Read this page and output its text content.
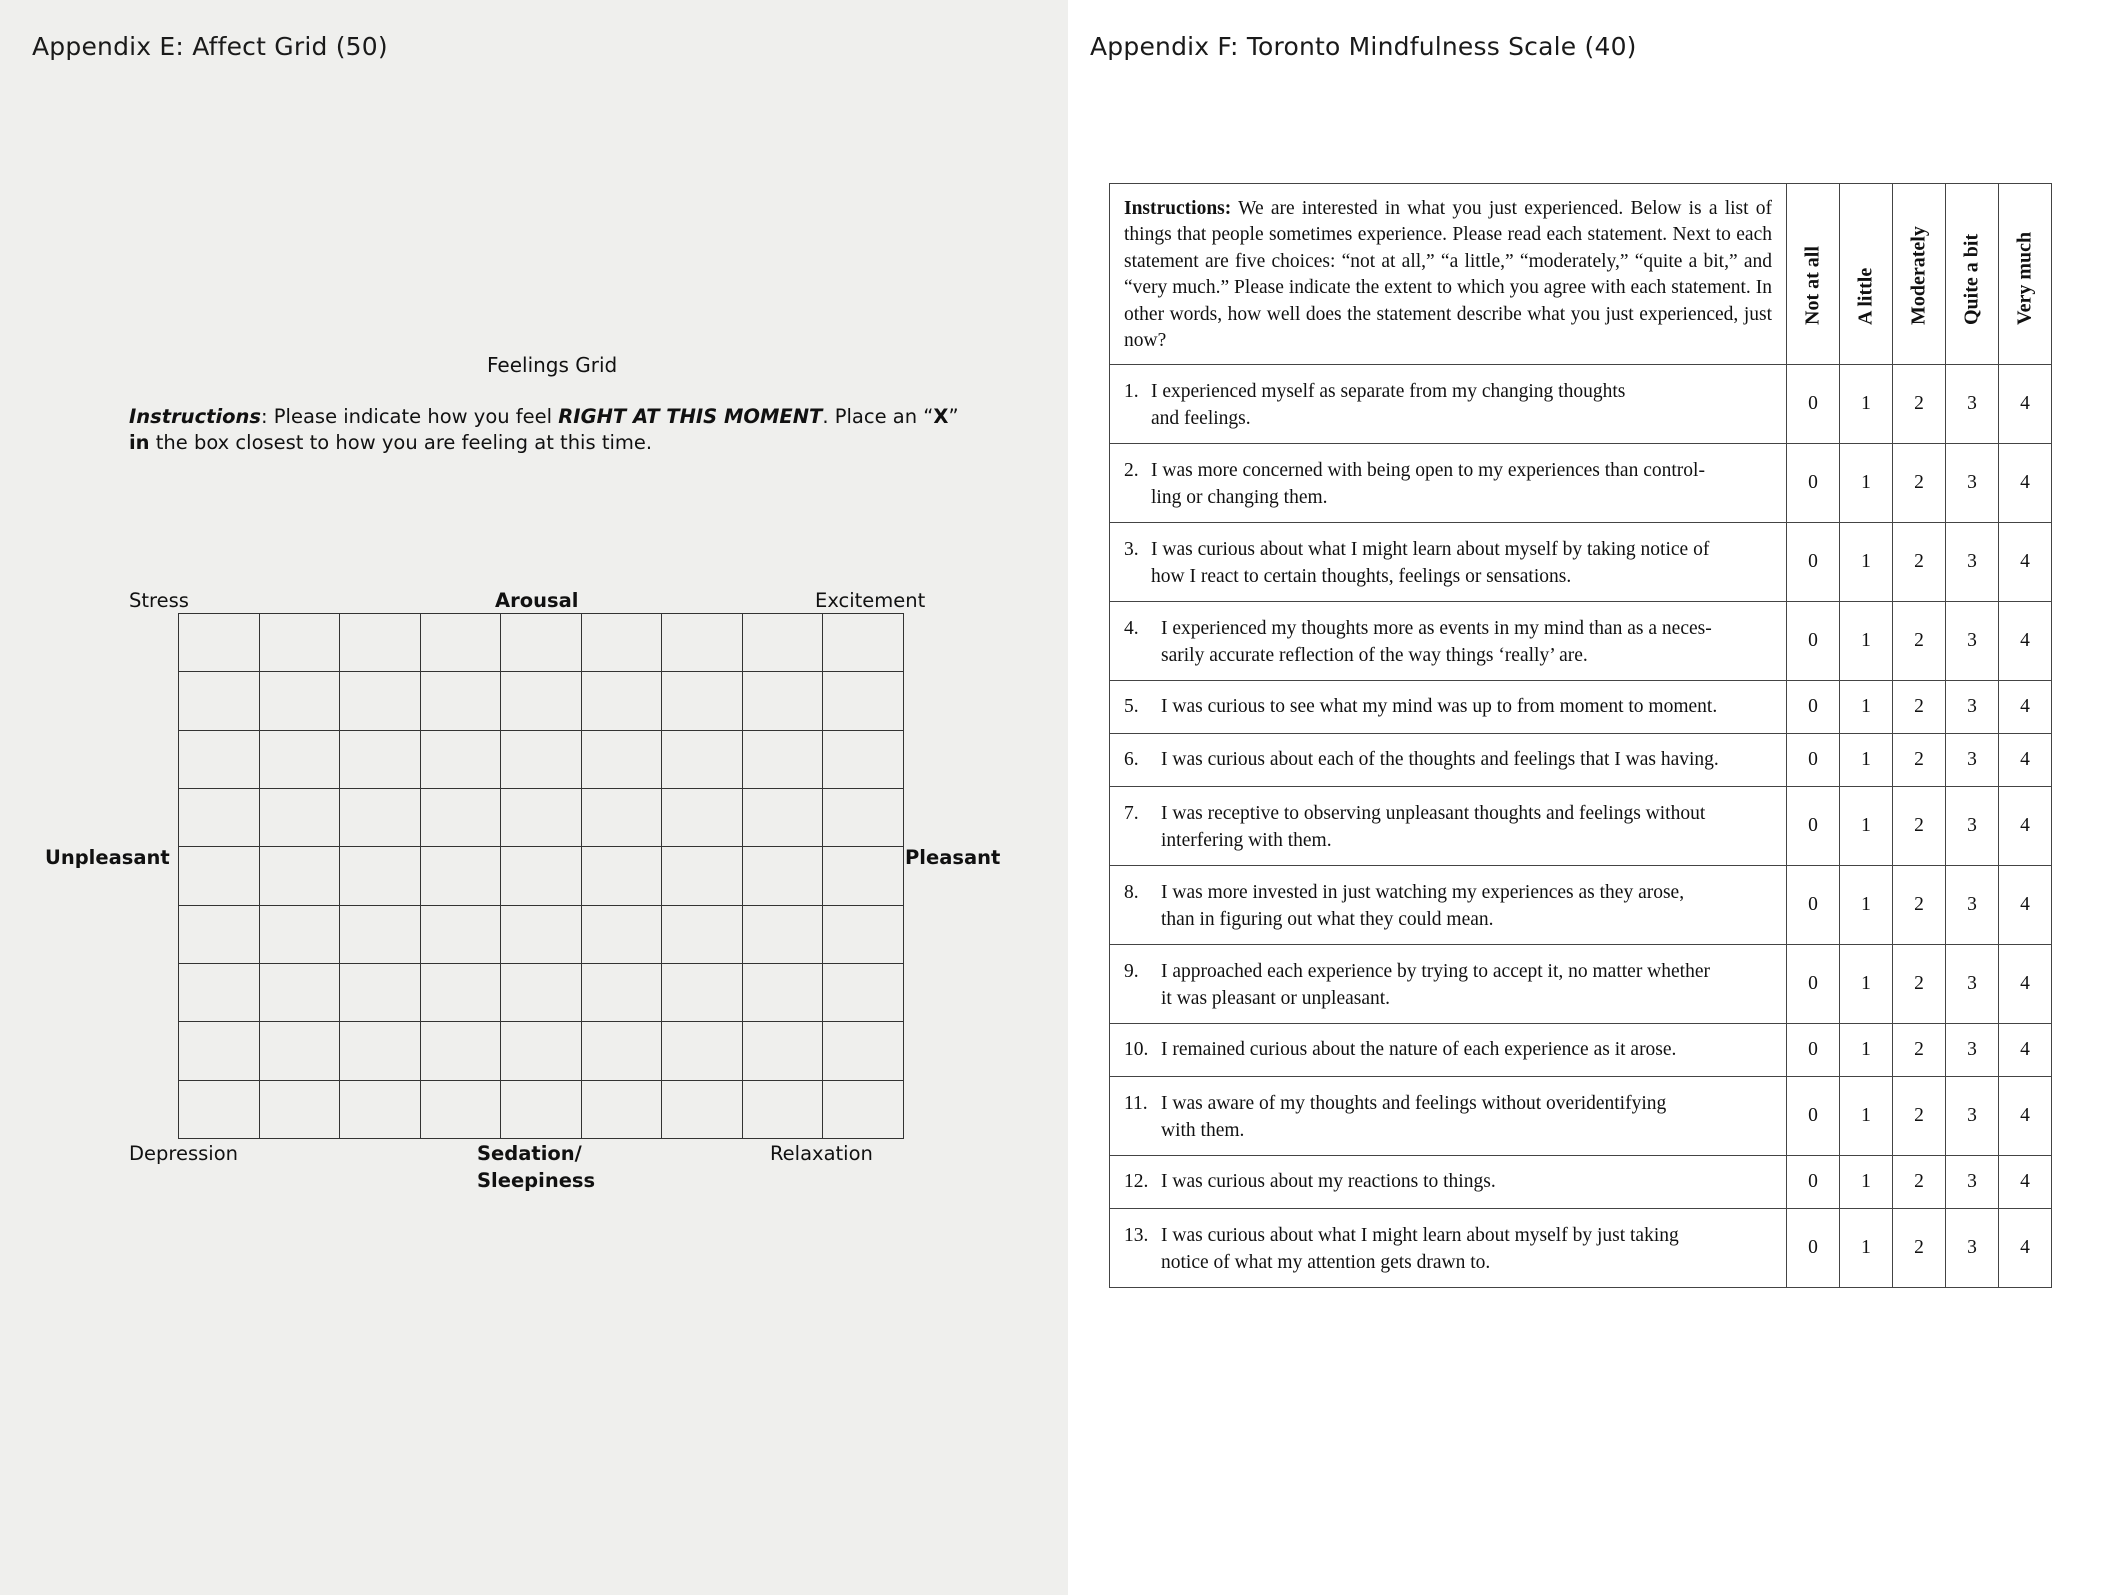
Appendix E: Affect Grid (50)
Feelings Grid
Instructions: Please indicate how you feel RIGHT AT THIS MOMENT. Place an “X” in the box closest to how you are feeling at this time.
Stress	Arousal	Excitement
Unpleasant	Pleasant
Depression	Sedation/
Sleepiness
Relaxation

Appendix F: Toronto Mindfulness Scale (40)
Instructions: We are interested in what you just experienced. Below is a list of things that people sometimes experience. Please read each statement. Next to each statement are five choices: “not at all,” “a little,” “moderately,” “quite a bit,” and “very much.” Please indicate the extent to which you agree with each statement. In other words, how well does the statement describe what you just experienced, just now?	Not at all	A little	Moderately	Quite a bit	Very much

1. I experienced myself as separate from my changing thoughts
and feelings.	0	1	2	3	4

2. I was more concerned with being open to my experiences than control-
ling or changing them.	0	1	2	3	4

3. I was curious about what I might learn about myself by taking notice of
how I react to certain thoughts, feelings or sensations.	0	1	2	3	4

4. I experienced my thoughts more as events in my mind than as a neces-
sarily accurate reflection of the way things ‘really’ are.	0	1	2	3	4

5. I was curious to see what my mind was up to from moment to moment.	0	1	2	3	4

6. I was curious about each of the thoughts and feelings that I was having.	0	1	2	3	4

7. I was receptive to observing unpleasant thoughts and feelings without
interfering with them.	0	1	2	3	4

8. I was more invested in just watching my experiences as they arose,
than in figuring out what they could mean.	0	1	2	3	4

9. I approached each experience by trying to accept it, no matter whether
it was pleasant or unpleasant.	0	1	2	3	4

10. I remained curious about the nature of each experience as it arose.	0	1	2	3	4

11. I was aware of my thoughts and feelings without overidentifying
with them.	0	1	2	3	4

12. I was curious about my reactions to things.	0	1	2	3	4

13. I was curious about what I might learn about myself by just taking
notice of what my attention gets drawn to.	0	1	2	3	4
